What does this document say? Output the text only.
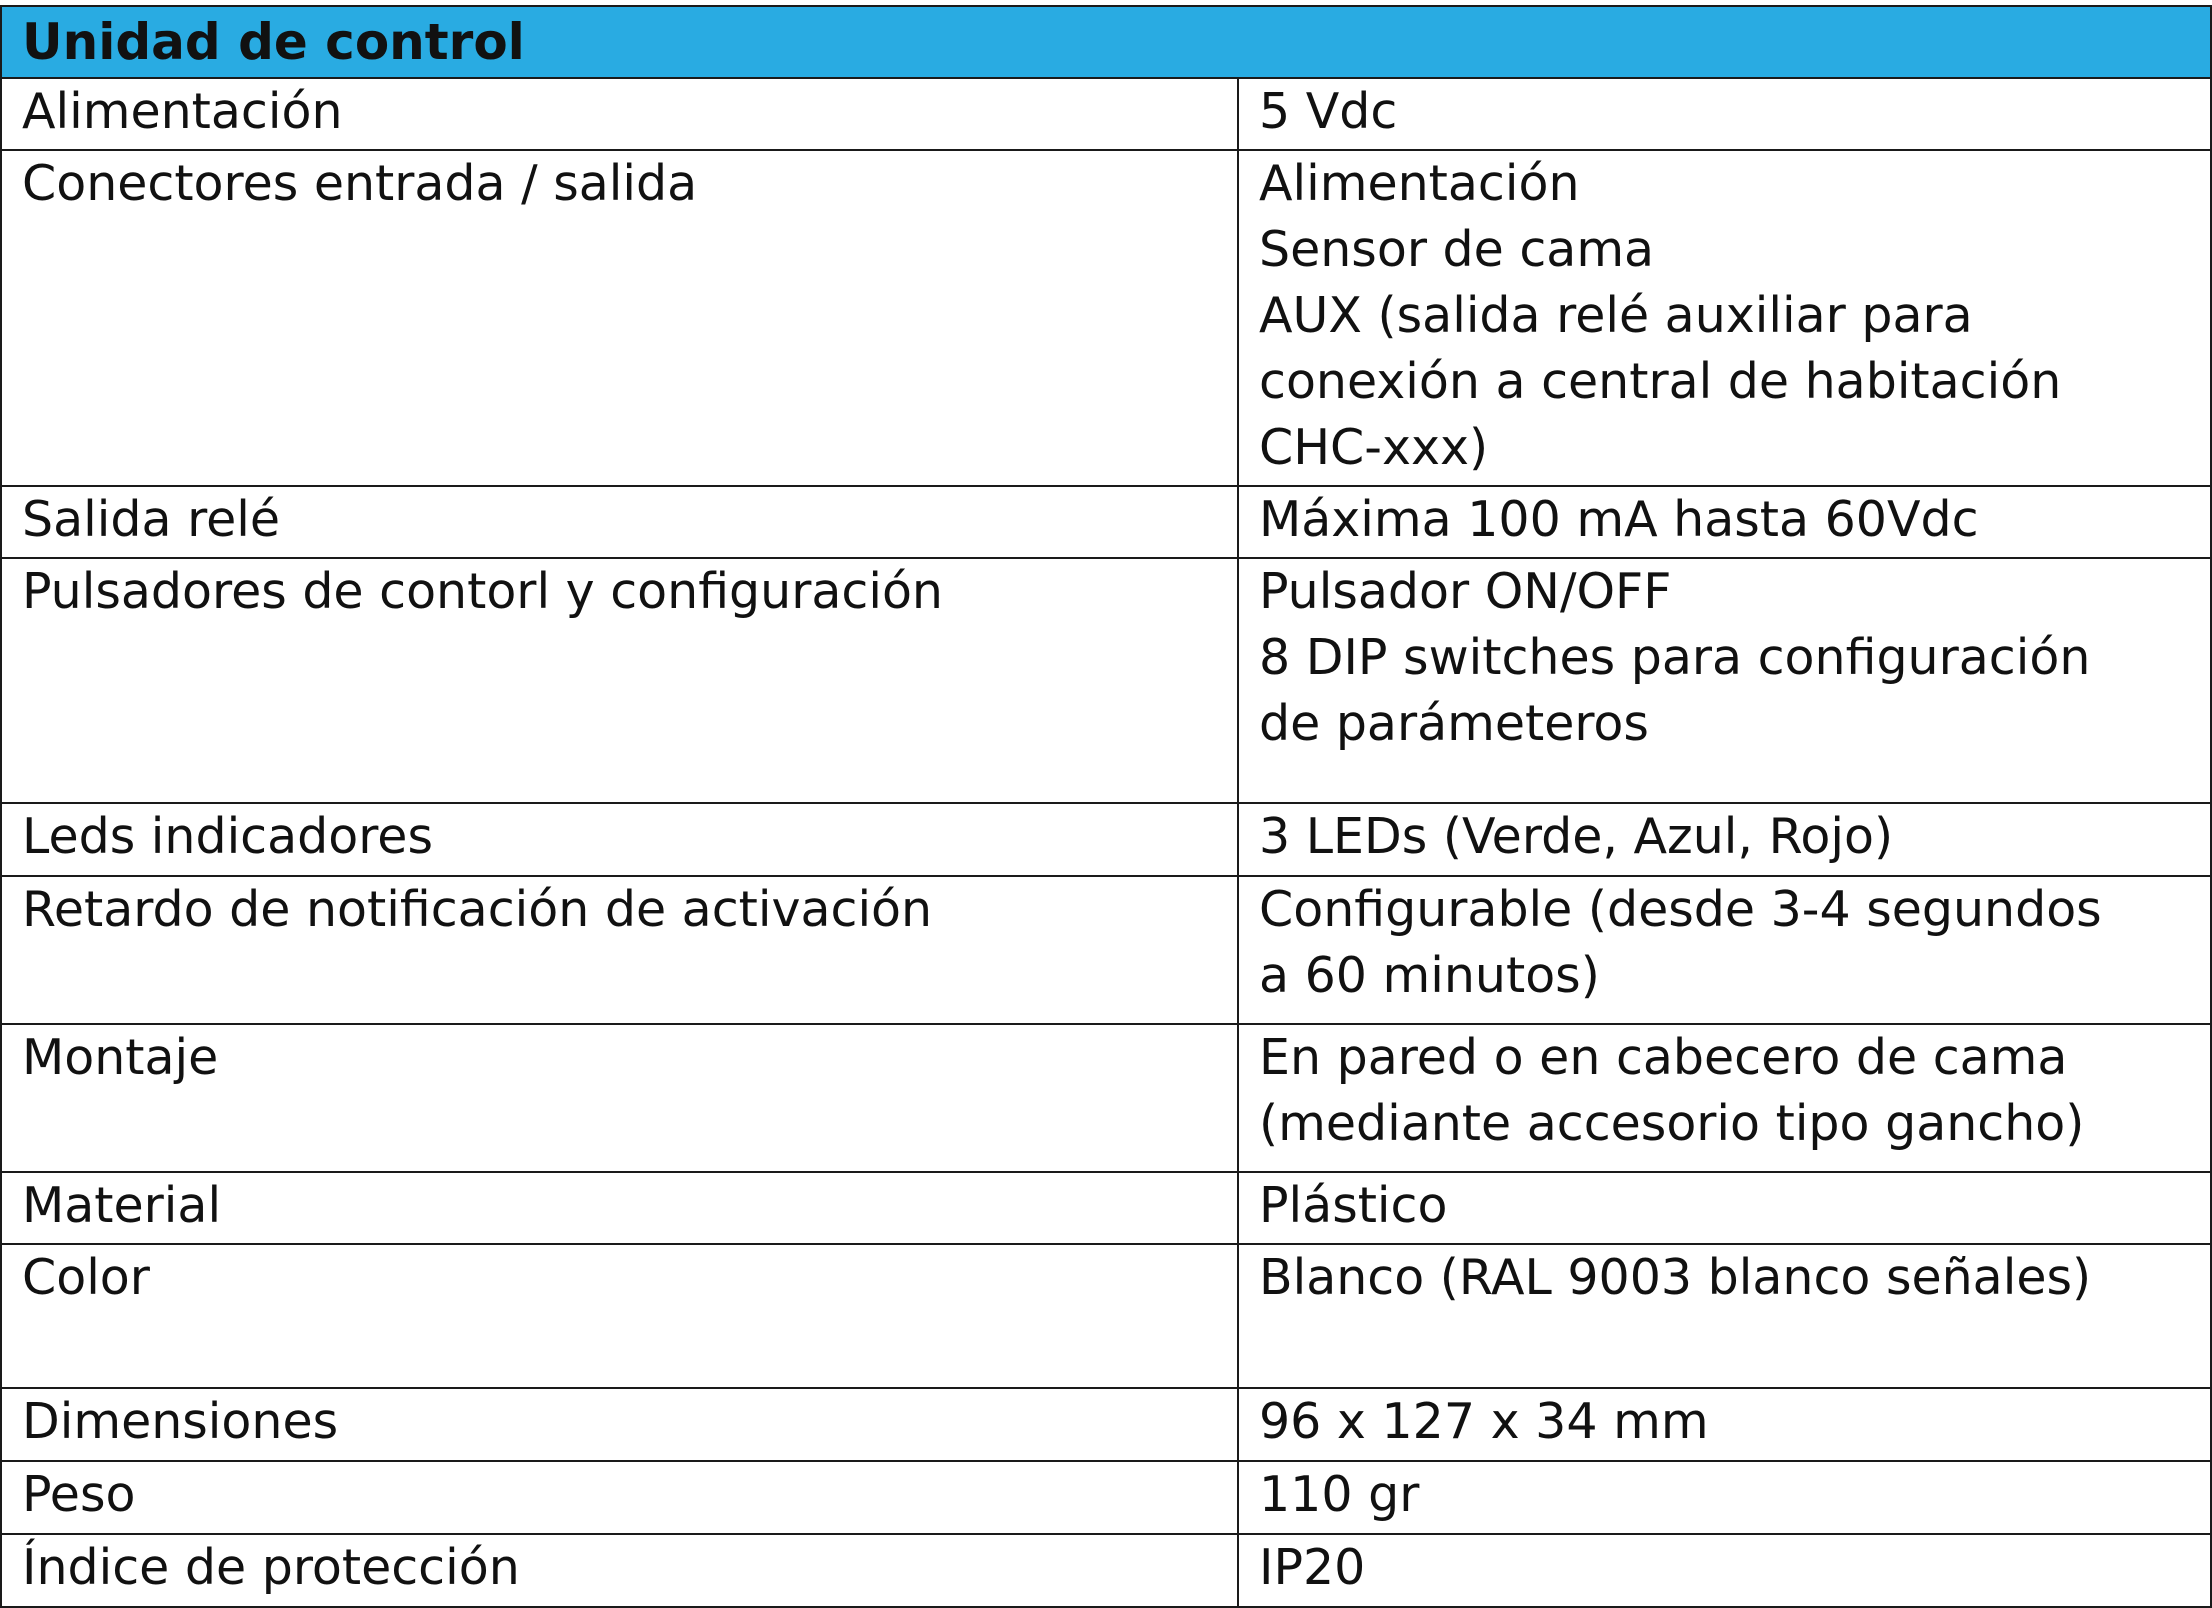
Unidad de control	
Alimentación	5 Vdc

Conectores entrada / salida	Alimentación
Sensor de cama
AUX (salida relé auxiliar para
conexión a central de habitación
CHC-xxx)

Salida relé	Máxima 100 mA hasta 60Vdc

Pulsadores de contorl y configuración	Pulsador ON/OFF
8 DIP switches para configuración
de parámeteros

Leds indicadores	3 LEDs (Verde, Azul, Rojo)

Retardo de notificación de activación	Configurable (desde 3-4 segundos
a 60 minutos)

Montaje	En pared o en cabecero de cama
(mediante accesorio tipo gancho)

Material	Plástico

Color	Blanco (RAL 9003 blanco señales)

Dimensiones	96 x 127 x 34 mm

Peso	110 gr

Índice de protección	IP20
